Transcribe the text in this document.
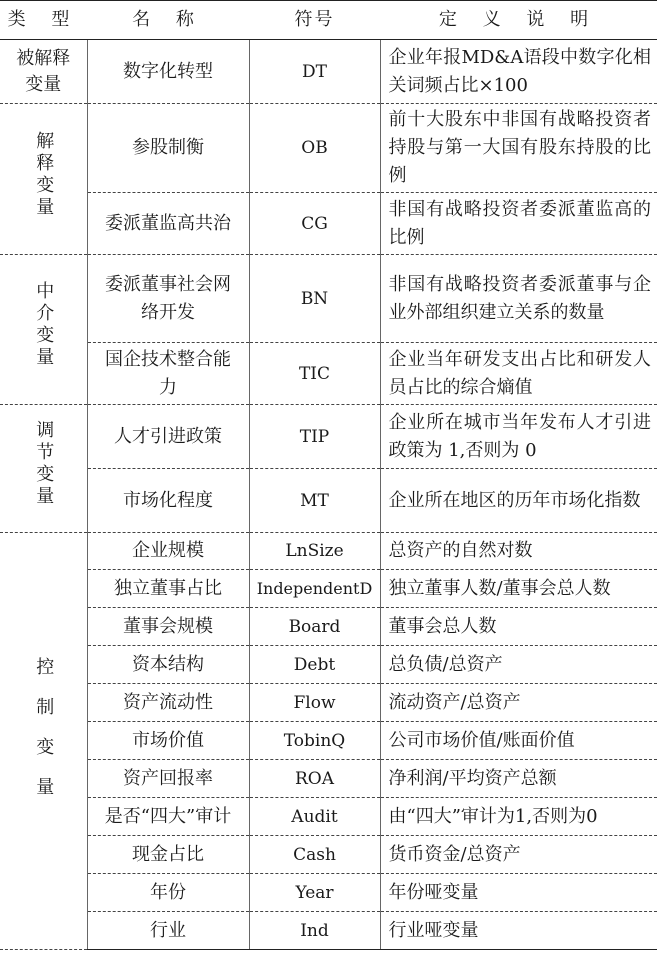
类 型	名 称	符号	定 义 说 明

被解释变量	数字化转型	DT	企业年报MD&A语段中数字化相关词频占比×100
解释变量	参股制衡	OB	前十大股东中非国有战略投资者持股与第一大国有股东持股的比例
	委派董监高共治	CG	非国有战略投资者委派董监高的比例
中介变量	委派董事社会网络开发	BN	非国有战略投资者委派董事与企业外部组织建立关系的数量
	国企技术整合能力	TIC	企业当年研发支出占比和研发人员占比的综合熵值
调节变量	人才引进政策	TIP	企业所在城市当年发布人才引进政策为 1,否则为 0
	市场化程度	MT	企业所在地区的历年市场化指数
控制变量	企业规模	LnSize	总资产的自然对数
	独立董事占比	IndependentD	独立董事人数/董事会总人数
	董事会规模	Board	董事会总人数
	资本结构	Debt	总负债/总资产
	资产流动性	Flow	流动资产/总资产
	市场价值	TobinQ	公司市场价值/账面价值
	资产回报率	ROA	净利润/平均资产总额
	是否“四大”审计	Audit	由“四大”审计为1,否则为0
	现金占比	Cash	货币资金/总资产
	年份	Year	年份哑变量
	行业	Ind	行业哑变量
